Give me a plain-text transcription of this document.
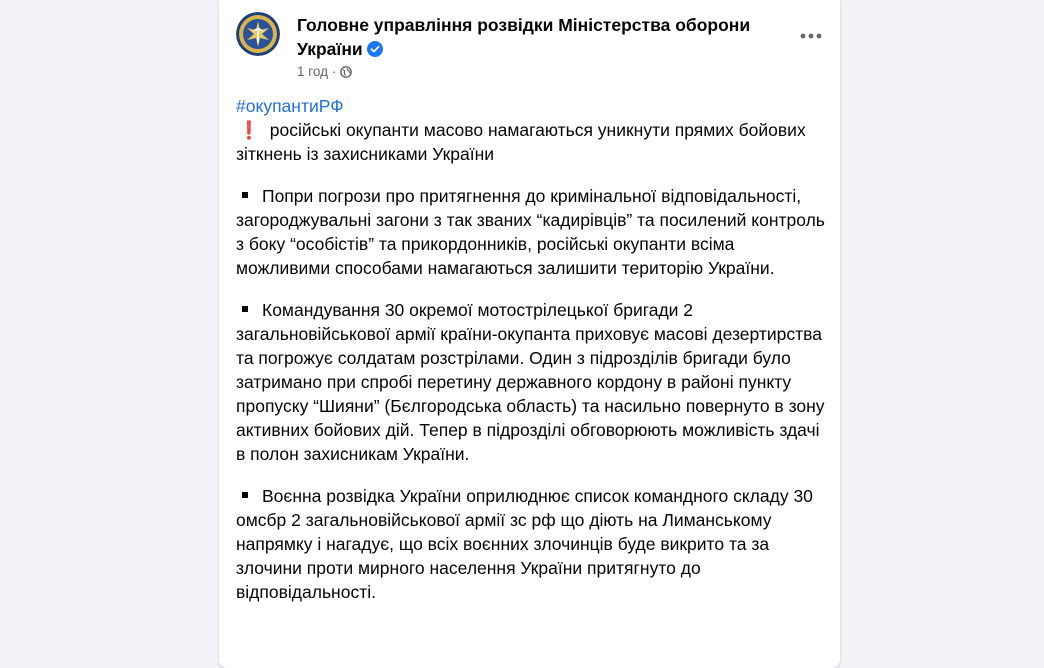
Головне управління розвідки Міністерства оборони України
1 год ·
#окупантиРФ

❗ російські окупанти масово намагаються уникнути прямих бойових зіткнень із захисниками України

Попри погрози про притягнення до кримінальної відповідальності, загороджувальні загони з так званих “кадирівців” та посилений контроль з боку “особістів” та прикордонників, російські окупанти всіма можливими способами намагаються залишити територію України.

Командування 30 окремої мотострілецької бригади 2 загальновійськової армії країни-окупанта приховує масові дезертирства та погрожує солдатам розстрілами. Один з підрозділів бригади було затримано при спробі перетину державного кордону в районі пункту пропуску “Шияни” (Бєлгородська область) та насильно повернуто в зону активних бойових дій. Тепер в підрозділі обговорюють можливість здачі в полон захисникам України.

Воєнна розвідка України оприлюднює список командного складу 30 омсбр 2 загальновійськової армії зс рф що діють на Лиманському напрямку і нагадує, що всіх воєнних злочинців буде викрито та за злочини проти мирного населення України притягнуто до відповідальності.
